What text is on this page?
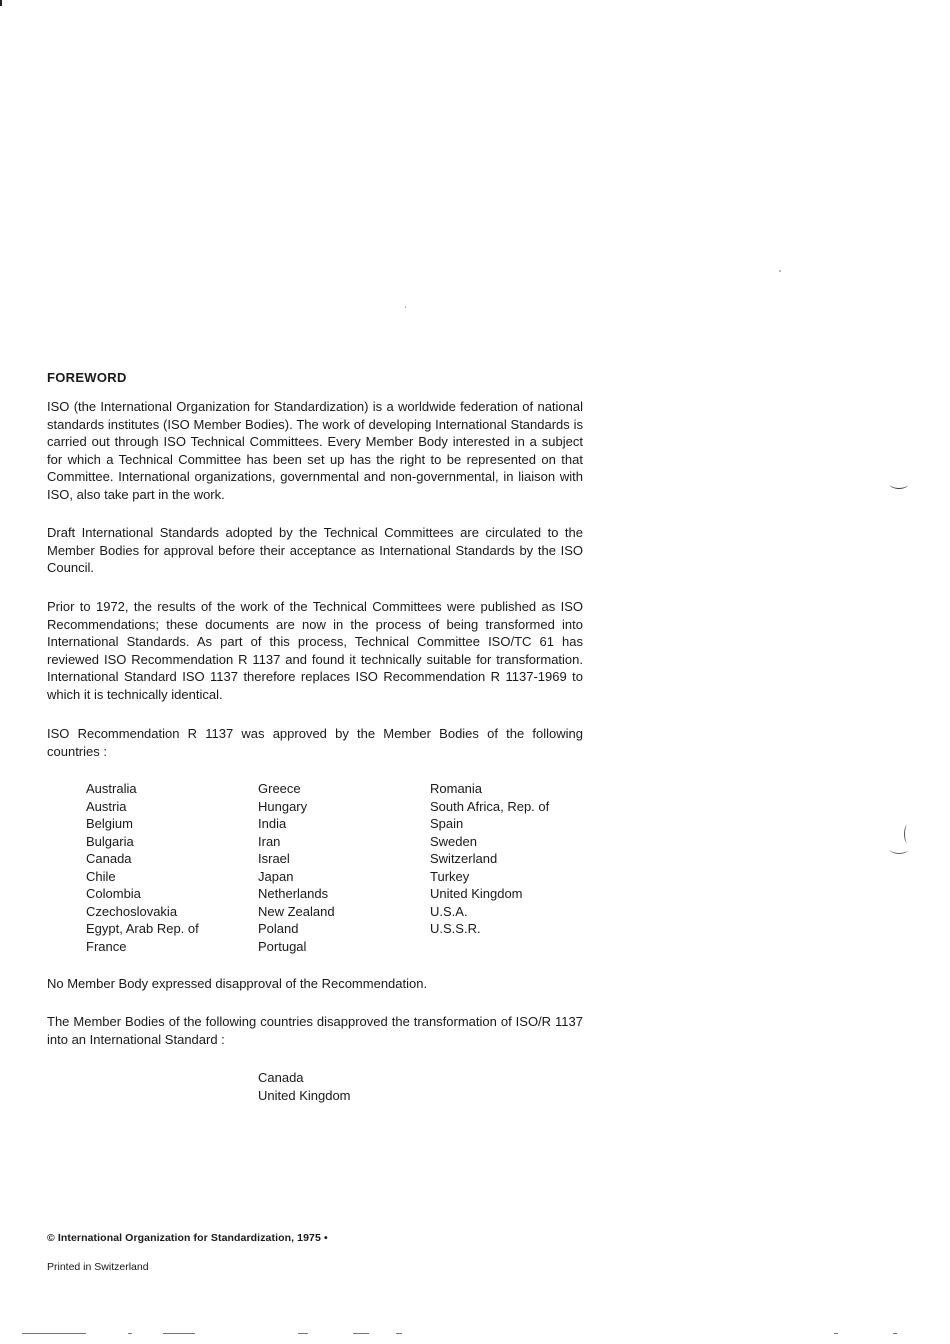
FOREWORD

ISO (the International Organization for Standardization) is a worldwide federation of national standards institutes (ISO Member Bodies). The work of developing International Standards is carried out through ISO Technical Committees. Every Member Body interested in a subject for which a Technical Committee has been set up has the right to be represented on that Committee. International organizations, governmental and non-governmental, in liaison with ISO, also take part in the work.

Draft International Standards adopted by the Technical Committees are circulated to the Member Bodies for approval before their acceptance as International Standards by the ISO Council.

Prior to 1972, the results of the work of the Technical Committees were published as ISO Recommendations; these documents are now in the process of being transformed into International Standards. As part of this process, Technical Committee ISO/TC 61 has reviewed ISO Recommendation R 1137 and found it technically suitable for transformation. International Standard ISO 1137 therefore replaces ISO Recommendation R 1137-1969 to which it is technically identical.

ISO Recommendation R 1137 was approved by the Member Bodies of the following countries :

Australia
Austria
Belgium
Bulgaria
Canada
Chile
Colombia
Czechoslovakia
Egypt, Arab Rep. of
France
Greece
Hungary
India
Iran
Israel
Japan
Netherlands
New Zealand
Poland
Portugal
Romania
South Africa, Rep. of
Spain
Sweden
Switzerland
Turkey
United Kingdom
U.S.A.
U.S.S.R.

No Member Body expressed disapproval of the Recommendation.

The Member Bodies of the following countries disapproved the transformation of ISO/R 1137 into an International Standard :

Canada
United Kingdom
© International Organization for Standardization, 1975 •
Printed in Switzerland
